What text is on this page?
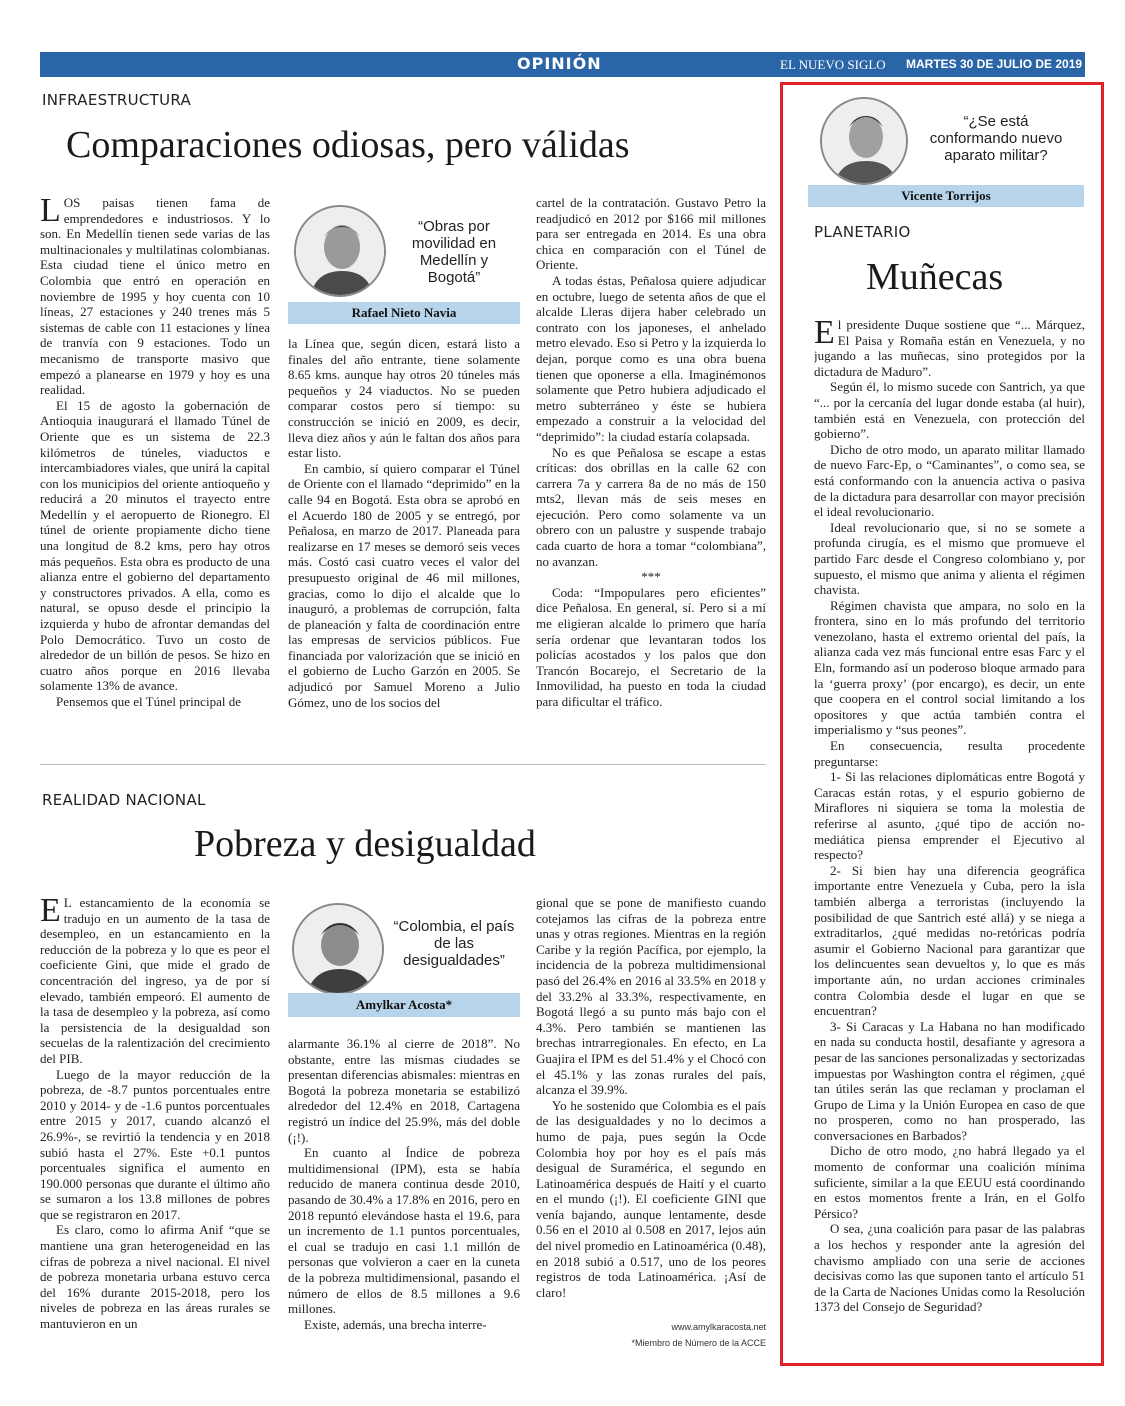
OPINIÓN	EL NUEVO SIGLO MARTES 30 DE JULIO DE 2019 9A
INFRAESTRUCTURA
Comparaciones odiosas, pero válidas
L OS paisas tienen fama de emprendedores e industriosos. Y lo son. En Medellín tienen sede varias de las multinacionales y multilatinas colombianas. Esta ciudad tiene el único metro en Colombia que entró en operación en noviembre de 1995 y hoy cuenta con 10 líneas, 27 estaciones y 240 trenes más 5 sistemas de cable con 11 estaciones y línea de tranvía con 9 estaciones. Todo un mecanismo de transporte masivo que empezó a planearse en 1979 y hoy es una realidad.

El 15 de agosto la gobernación de Antioquia inaugurará el llamado Túnel de Oriente que es un sistema de 22.3 kilómetros de túneles, viaductos e intercambiadores viales, que unirá la capital con los municipios del oriente antioqueño y reducirá a 20 minutos el trayecto entre Medellín y el aeropuerto de Rionegro. El túnel de oriente propiamente dicho tiene una longitud de 8.2 kms, pero hay otros más pequeños. Esta obra es producto de una alianza entre el gobierno del departamento y constructores privados. A ella, como es natural, se opuso desde el principio la izquierda y hubo de afrontar demandas del Polo Democrático. Tuvo un costo de alrededor de un billón de pesos. Se hizo en cuatro años porque en 2016 llevaba solamente 13% de avance.

Pensemos que el Túnel principal de

“Obras por movilidad en Medellín y Bogotá”
Rafael Nieto Navia

la Línea que, según dicen, estará listo a finales del año entrante, tiene solamente 8.65 kms. aunque hay otros 20 túneles más pequeños y 24 viaductos. No se pueden comparar costos pero sí tiempo: su construcción se inició en 2009, es decir, lleva diez años y aún le faltan dos años para estar listo.

En cambio, sí quiero comparar el Túnel de Oriente con el llamado “deprimido” en la calle 94 en Bogotá. Esta obra se aprobó en el Acuerdo 180 de 2005 y se entregó, por Peñalosa, en marzo de 2017. Planeada para realizarse en 17 meses se demoró seis veces más. Costó casi cuatro veces el valor del presupuesto original de 46 mil millones, gracias, como lo dijo el alcalde que lo inauguró, a problemas de corrupción, falta de planeación y falta de coordinación entre las empresas de servicios públicos. Fue financiada por valorización que se inició en el gobierno de Lucho Garzón en 2005. Se adjudicó por Samuel Moreno a Julio Gómez, uno de los socios del

cartel de la contratación. Gustavo Petro la readjudicó en 2012 por $166 mil millones para ser entregada en 2014. Es una obra chica en comparación con el Túnel de Oriente.

A todas éstas, Peñalosa quiere adjudicar en octubre, luego de setenta años de que el alcalde Lleras dijera haber celebrado un contrato con los japoneses, el anhelado metro elevado. Eso si Petro y la izquierda lo dejan, porque como es una obra buena tienen que oponerse a ella. Imaginémonos solamente que Petro hubiera adjudicado el metro subterráneo y éste se hubiera empezado a construir a la velocidad del “deprimido”: la ciudad estaría colapsada.

No es que Peñalosa se escape a estas críticas: dos obrillas en la calle 62 con carrera 7a y carrera 8a de no más de 150 mts2, llevan más de seis meses en ejecución. Pero como solamente va un obrero con un palustre y suspende trabajo cada cuarto de hora a tomar “colombiana”, no avanzan.

***

Coda: “Impopulares pero eficientes” dice Peñalosa. En general, sí. Pero si a mí me eligieran alcalde lo primero que haría sería ordenar que levantaran todos los policías acostados y los palos que don Trancón Bocarejo, el Secretario de la Inmovilidad, ha puesto en toda la ciudad para dificultar el tráfico.

REALIDAD NACIONAL
Pobreza y desigualdad
E L estancamiento de la economía se tradujo en un aumento de la tasa de desempleo, en un estancamiento en la reducción de la pobreza y lo que es peor el coeficiente Gini, que mide el grado de concentración del ingreso, ya de por sí elevado, también empeoró. El aumento de la tasa de desempleo y la pobreza, así como la persistencia de la desigualdad son secuelas de la ralentización del crecimiento del PIB.

Luego de la mayor reducción de la pobreza, de -8.7 puntos porcentuales entre 2010 y 2014- y de -1.6 puntos porcentuales entre 2015 y 2017, cuando alcanzó el 26.9%-, se revirtió la tendencia y en 2018 subió hasta el 27%. Este +0.1 puntos porcentuales significa el aumento en 190.000 personas que durante el último año se sumaron a los 13.8 millones de pobres que se registraron en 2017.

Es claro, como lo afirma Anif “que se mantiene una gran heterogeneidad en las cifras de pobreza a nivel nacional. El nivel de pobreza monetaria urbana estuvo cerca del 16% durante 2015-2018, pero los niveles de pobreza en las áreas rurales se mantuvieron en un

“Colombia, el país de las desigualdades”
Amylkar Acosta*

alarmante 36.1% al cierre de 2018”. No obstante, entre las mismas ciudades se presentan diferencias abismales: mientras en Bogotá la pobreza monetaria se estabilizó alrededor del 12.4% en 2018, Cartagena registró un índice del 25.9%, más del doble (¡!).

En cuanto al Índice de pobreza multidimensional (IPM), esta se había reducido de manera continua desde 2010, pasando de 30.4% a 17.8% en 2016, pero en 2018 repuntó elevándose hasta el 19.6, para un incremento de 1.1 puntos porcentuales, el cual se tradujo en casi 1.1 millón de personas que volvieron a caer en la cuneta de la pobreza multidimensional, pasando el número de ellos de 8.5 millones a 9.6 millones.

Existe, además, una brecha interre-

gional que se pone de manifiesto cuando cotejamos las cifras de la pobreza entre unas y otras regiones. Mientras en la región Caribe y la región Pacífica, por ejemplo, la incidencia de la pobreza multidimensional pasó del 26.4% en 2016 al 33.5% en 2018 y del 33.2% al 33.3%, respectivamente, en Bogotá llegó a su punto más bajo con el 4.3%. Pero también se mantienen las brechas intrarregionales. En efecto, en La Guajira el IPM es del 51.4% y el Chocó con el 45.1% y las zonas rurales del país, alcanza el 39.9%.

Yo he sostenido que Colombia es el país de las desigualdades y no lo decimos a humo de paja, pues según la Ocde Colombia hoy por hoy es el país más desigual de Suramérica, el segundo en Latinoamérica después de Haití y el cuarto en el mundo (¡!). El coeficiente GINI que venía bajando, aunque lentamente, desde 0.56 en el 2010 al 0.508 en 2017, lejos aún del nivel promedio en Latinoamérica (0.48), en 2018 subió a 0.517, uno de los peores registros de toda Latinoamérica. ¡Así de claro!

www.amylkaracosta.net
*Miembro de Número de la ACCE
“¿Se está conformando nuevo aparato militar?
Vicente Torrijos
PLANETARIO
Muñecas
E l presidente Duque sostiene que “... Márquez, El Paisa y Romaña están en Venezuela, y no jugando a las muñecas, sino protegidos por la dictadura de Maduro”.

Según él, lo mismo sucede con Santrich, ya que “... por la cercanía del lugar donde estaba (al huir), también está en Venezuela, con protección del gobierno”.

Dicho de otro modo, un aparato militar llamado de nuevo Farc-Ep, o “Caminantes”, o como sea, se está conformando con la anuencia activa o pasiva de la dictadura para desarrollar con mayor precisión el ideal revolucionario.

Ideal revolucionario que, si no se somete a profunda cirugía, es el mismo que promueve el partido Farc desde el Congreso colombiano y, por supuesto, el mismo que anima y alienta el régimen chavista.

Régimen chavista que ampara, no solo en la frontera, sino en lo más profundo del territorio venezolano, hasta el extremo oriental del país, la alianza cada vez más funcional entre esas Farc y el Eln, formando así un poderoso bloque armado para la ‘guerra proxy’ (por encargo), es decir, un ente que coopera en el control social limitando a los opositores y que actúa también contra el imperialismo y “sus peones”.

En consecuencia, resulta procedente preguntarse:

1- Si las relaciones diplomáticas entre Bogotá y Caracas están rotas, y el espurio gobierno de Miraflores ni siquiera se toma la molestia de referirse al asunto, ¿qué tipo de acción no-mediática piensa emprender el Ejecutivo al respecto?

2- Si bien hay una diferencia geográfica importante entre Venezuela y Cuba, pero la isla también alberga a terroristas (incluyendo la posibilidad de que Santrich esté allá) y se niega a extraditarlos, ¿qué medidas no-retóricas podría asumir el Gobierno Nacional para garantizar que los delincuentes sean devueltos y, lo que es más importante aún, no urdan acciones criminales contra Colombia desde el lugar en que se encuentran?

3- Si Caracas y La Habana no han modificado en nada su conducta hostil, desafiante y agresora a pesar de las sanciones personalizadas y sectorizadas impuestas por Washington contra el régimen, ¿qué tan útiles serán las que reclaman y proclaman el Grupo de Lima y la Unión Europea en caso de que no prosperen, como no han prosperado, las conversaciones en Barbados?

Dicho de otro modo, ¿no habrá llegado ya el momento de conformar una coalición mínima suficiente, similar a la que EEUU está coordinando en estos momentos frente a Irán, en el Golfo Pérsico?

O sea, ¿una coalición para pasar de las palabras a los hechos y responder ante la agresión del chavismo ampliado con una serie de acciones decisivas como las que suponen tanto el artículo 51 de la Carta de Naciones Unidas como la Resolución 1373 del Consejo de Seguridad?
